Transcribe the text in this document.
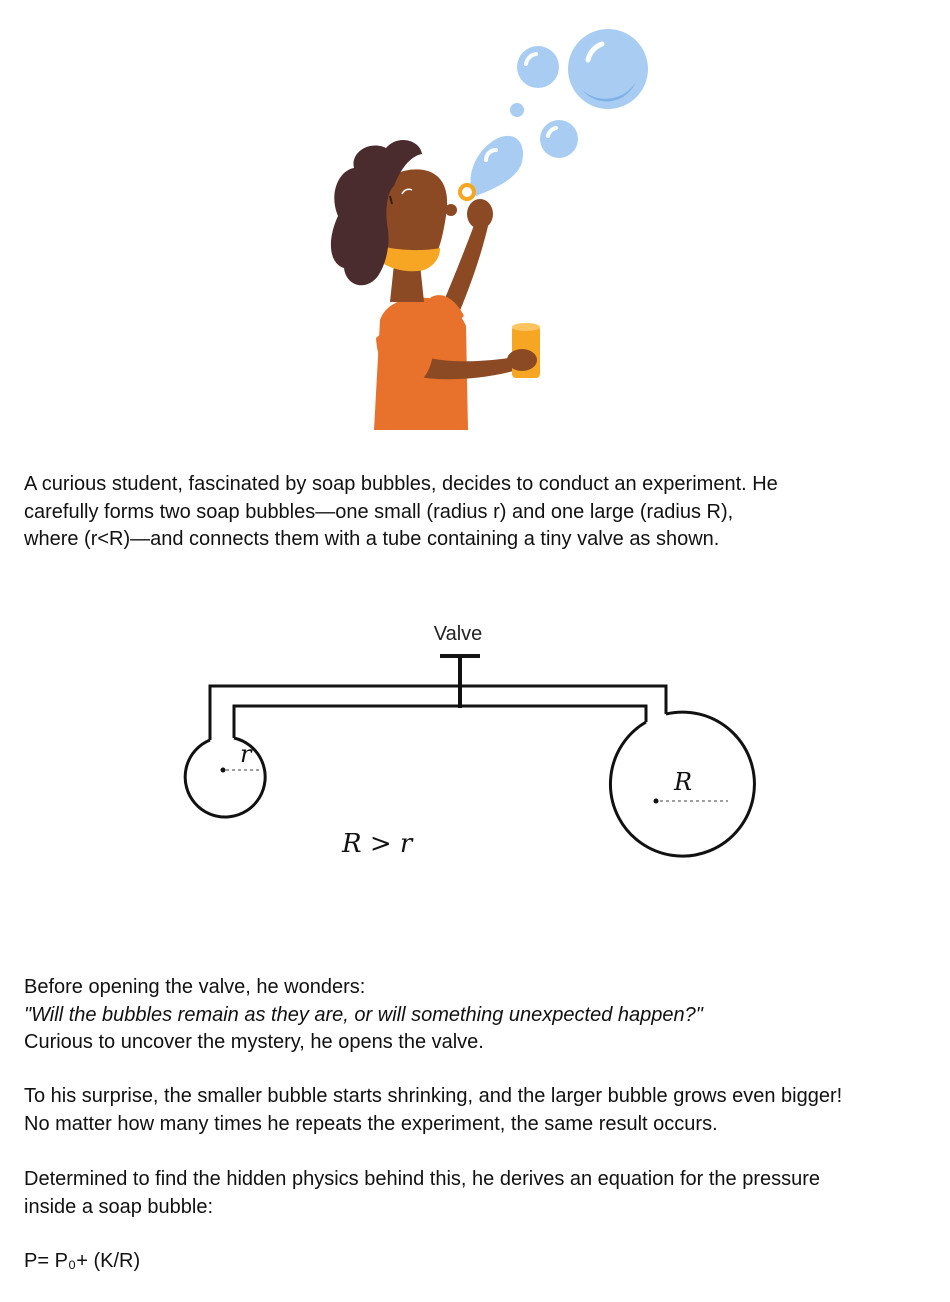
A curious student, fascinated by soap bubbles, decides to conduct an experiment. He
carefully forms two soap bubbles—one small (radius r) and one large (radius R),
where (r<R)—and connects them with a tube containing a tiny valve as shown.

Valve
r
R
R > r

Before opening the valve, he wonders:
"Will the bubbles remain as they are, or will something unexpected happen?"
Curious to uncover the mystery, he opens the valve.

To his surprise, the smaller bubble starts shrinking, and the larger bubble grows even bigger!
No matter how many times he repeats the experiment, the same result occurs.

Determined to find the hidden physics behind this, he derives an equation for the pressure
inside a soap bubble:

P= P₀+ (K/R)
